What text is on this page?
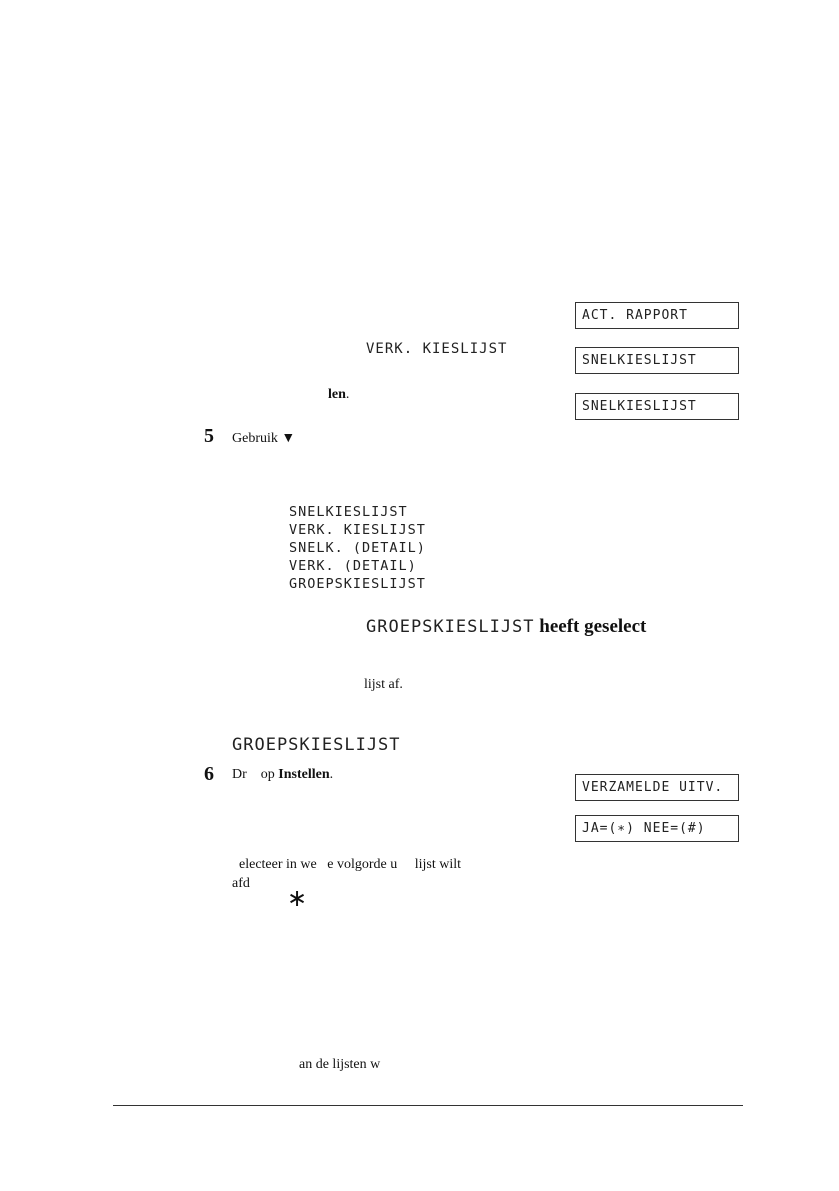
ACT. RAPPORT
SNELKIESLIJST
SNELKIESLIJST
VERZAMELDE UITV.
JA=(∗) NEE=(#)
VERK. KIESLIJST
len.
5 Gebruik ▼
SNELKIESLIJST
VERK. KIESLIJST
SNELK. (DETAIL)
VERK. (DETAIL)
GROEPSKIESLIJST
GROEPSKIESLIJST heeft geselect
lijst af.
GROEPSKIESLIJST
6 Dr op Instellen.
electeer in we   e volgorde u     lijst wilt
afd
∗
an de lijsten w
